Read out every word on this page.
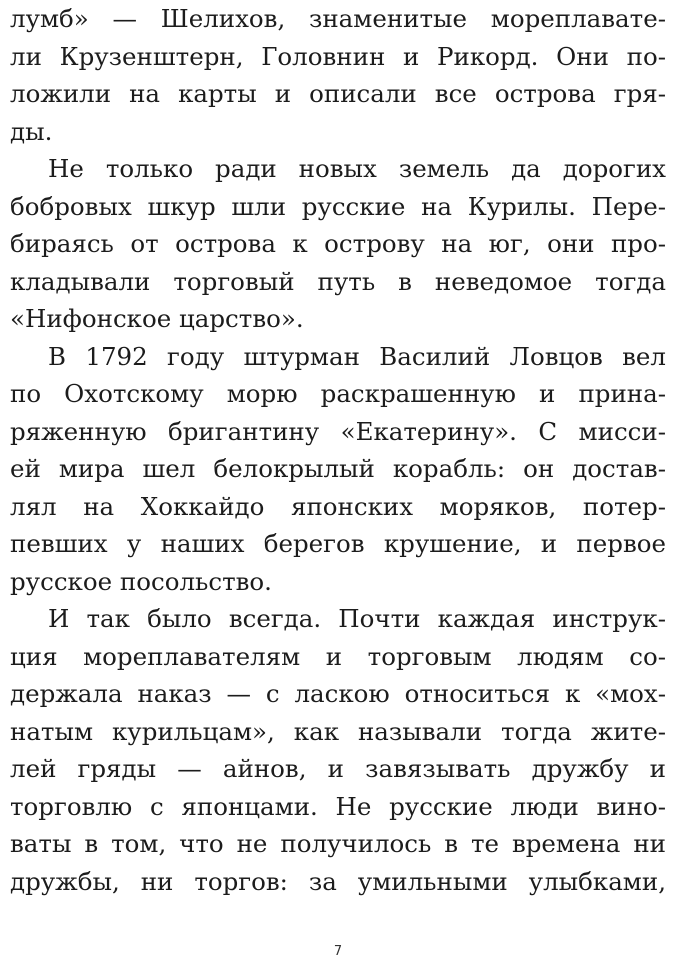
лумб» — Шелихов, знаменитые мореплавате-
ли Крузенштерн, Головнин и Рикорд. Они по-
ложили на карты и описали все острова гря-
ды.
Не только ради новых земель да дорогих
бобровых шкур шли русские на Курилы. Пере-
бираясь от острова к острову на юг, они про-
кладывали торговый путь в неведомое тогда
«Нифонское царство».
В 1792 году штурман Василий Ловцов вел
по Охотскому морю раскрашенную и прина-
ряженную бригантину «Екатерину». С мисси-
ей мира шел белокрылый корабль: он достав-
лял на Хоккайдо японских моряков, потер-
певших у наших берегов крушение, и первое
русское посольство.
И так было всегда. Почти каждая инструк-
ция мореплавателям и торговым людям со-
держала наказ — с ласкою относиться к «мох-
натым курильцам», как называли тогда жите-
лей гряды — айнов, и завязывать дружбу и
торговлю с японцами. Не русские люди вино-
ваты в том, что не получилось в те времена ни
дружбы, ни торгов: за умильными улыбками,
7
